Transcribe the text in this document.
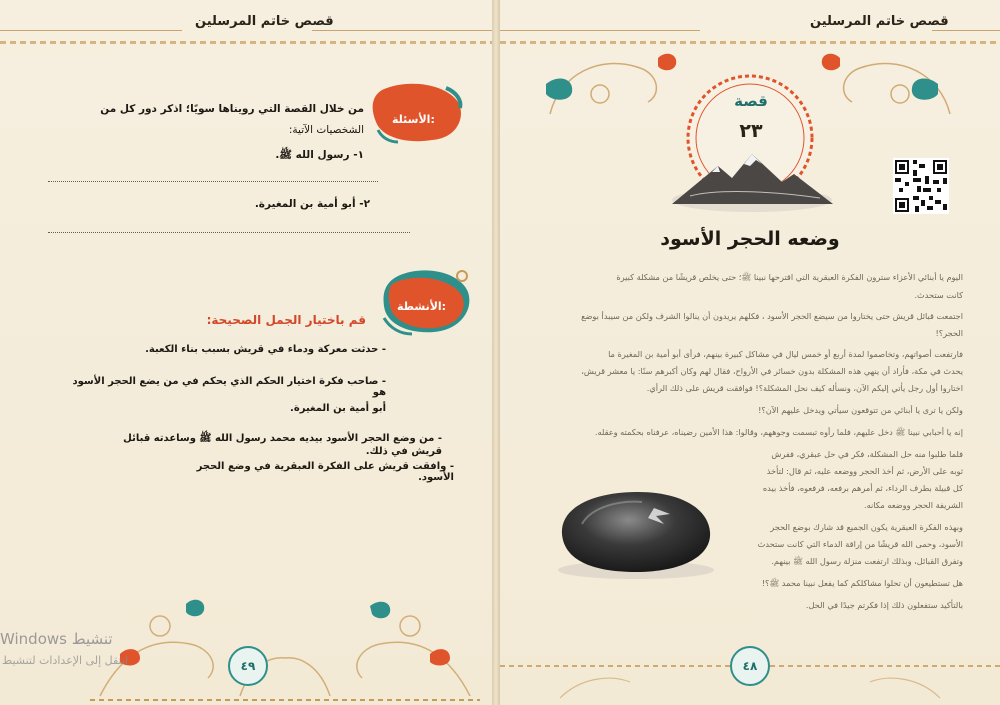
قصص خاتم المرسلين
الأسئلة:
من خلال القصة التي رويناها سويًا؛ اذكر دور كل من
الشخصيات الآتية:
١- رسول الله ﷺ.
٢- أبو أمية بن المغيرة.
الأنشطة:
قم باختيار الجمل الصحيحة:
- حدثت معركة ودماء في قريش بسبب بناء الكعبة.
- صاحب فكرة اختيار الحكم الذي يحكم في من يضع الحجر الأسود هو
أبو أمية بن المغيرة.
- من وضع الحجر الأسود بيديه محمد رسول الله ﷺ وساعدته قبائل قريش في ذلك.
- وافقت قريش على الفكرة العبقرية في وضع الحجر الأسود.
٤٩
Windows تنشيط
انتقل إلى الإعدادات لتنشيط
قصص خاتم المرسلين
قصة
٢٣
وضعه الحجر الأسود
اليوم يا أبنائي الأعزاء سترون الفكرة العبقرية التي اقترحها نبينا ﷺ؛ حتى يخلص قريشًا من مشكلة كبيرة
كانت ستحدث.
اجتمعت قبائل قريش حتى يختاروا من سيضع الحجر الأسود ، فكلهم يريدون أن ينالوا الشرف ولكن من سيبدأ بوضع
الحجر؟!
فارتفعت أصواتهم، وتخاصموا لمدة أربع أو خمس ليال في مشاكل كبيرة بينهم، فرأى أبو أمية بن المغيرة ما
يحدث في مكة، فأراد أن ينهي هذه المشكلة بدون خسائر في الأرواح، فقال لهم وكان أكبرهم سنًا: يا معشر قريش،
اختاروا أول رجل يأتي إليكم الآن، ونسأله كيف نحل المشكلة؟! فوافقت قريش على ذلك الرأي.
ولكن يا ترى يا أبنائي من تتوقعون سيأتي ويدخل عليهم الآن؟!
إنه يا أحبابي نبينا ﷺ دخل عليهم، فلما رأوه تبسمت وجوههم، وقالوا: هذا الأمين رضيناه، عرفناه بحكمته وعقله.
فلما طلبوا منه حل المشكلة، فكر في حل عبقري، ففرش
ثوبه على الأرض، ثم أخذ الحجر ووضعه عليه، ثم قال: لتأخذ
كل قبيلة بطرف الرداء، ثم أمرهم برفعه، فرفعوه، فأخذ بيده
الشريفة الحجر ووضعه مكانه.
وبهذه الفكرة العبقرية يكون الجميع قد شارك بوضع الحجر
الأسود، وحمى الله قريشًا من إراقة الدماء التي كانت ستحدث
وتفرق القبائل، وبذلك ارتفعت منزلة رسول الله ﷺ بينهم.
هل تستطيعون أن تحلوا مشاكلكم كما يفعل نبينا محمد ﷺ؟!
بالتأكيد ستفعلون ذلك إذا فكرتم جيدًا في الحل.
٤٨
